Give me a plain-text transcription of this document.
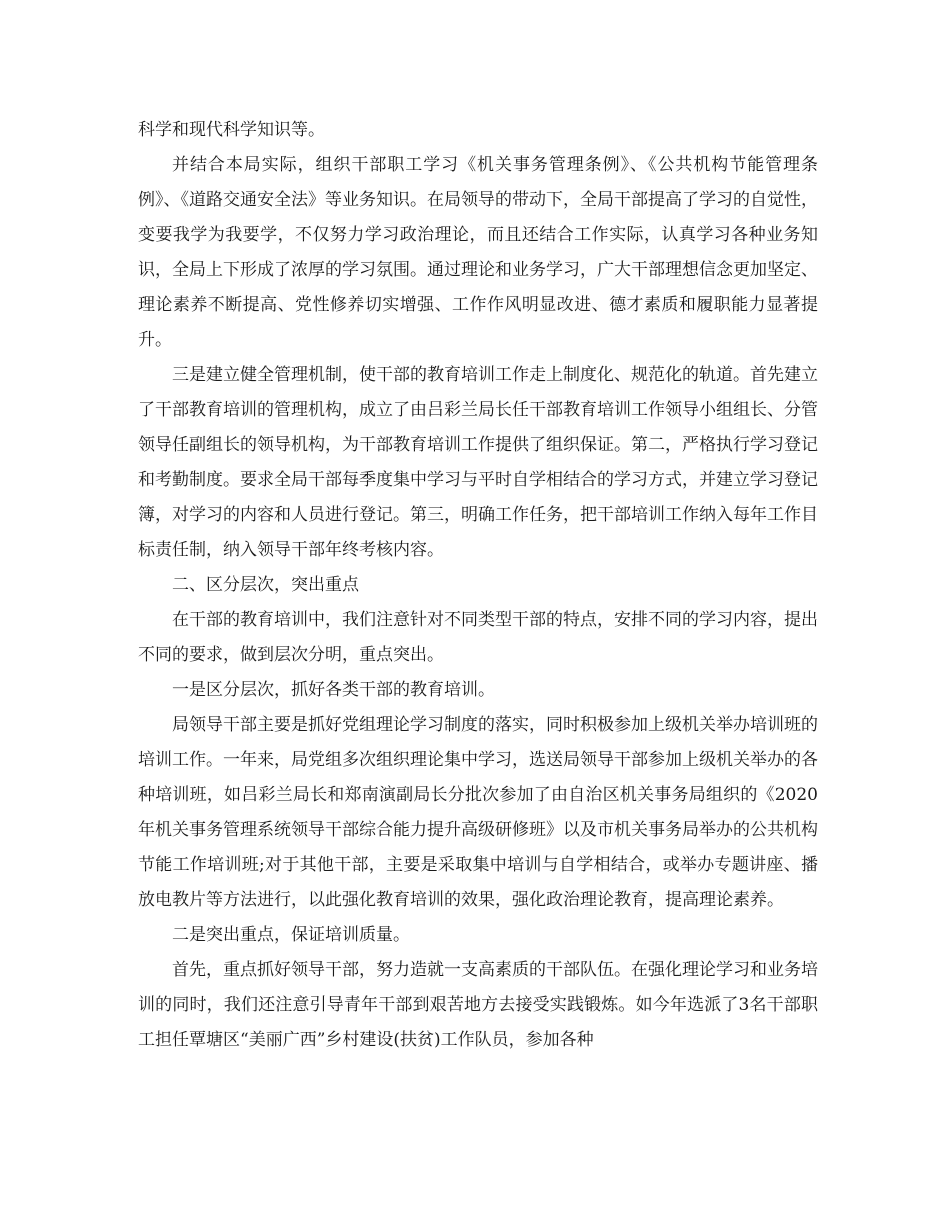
科学和现代科学知识等。

并结合本局实际，组织干部职工学习《机关事务管理条例》、《公共机构节能管理条例》、《道路交通安全法》等业务知识。在局领导的带动下，全局干部提高了学习的自觉性，变要我学为我要学，不仅努力学习政治理论，而且还结合工作实际，认真学习各种业务知识，全局上下形成了浓厚的学习氛围。通过理论和业务学习，广大干部理想信念更加坚定、理论素养不断提高、党性修养切实增强、工作作风明显改进、德才素质和履职能力显著提升。

三是建立健全管理机制，使干部的教育培训工作走上制度化、规范化的轨道。首先建立了干部教育培训的管理机构，成立了由吕彩兰局长任干部教育培训工作领导小组组长、分管领导任副组长的领导机构，为干部教育培训工作提供了组织保证。第二，严格执行学习登记和考勤制度。要求全局干部每季度集中学习与平时自学相结合的学习方式，并建立学习登记簿，对学习的内容和人员进行登记。第三，明确工作任务，把干部培训工作纳入每年工作目标责任制，纳入领导干部年终考核内容。

二、区分层次，突出重点

在干部的教育培训中，我们注意针对不同类型干部的特点，安排不同的学习内容，提出不同的要求，做到层次分明，重点突出。

一是区分层次，抓好各类干部的教育培训。

局领导干部主要是抓好党组理论学习制度的落实，同时积极参加上级机关举办培训班的培训工作。一年来，局党组多次组织理论集中学习，选送局领导干部参加上级机关举办的各种培训班，如吕彩兰局长和郑南演副局长分批次参加了由自治区机关事务局组织的《2020年机关事务管理系统领导干部综合能力提升高级研修班》以及市机关事务局举办的公共机构节能工作培训班;对于其他干部，主要是采取集中培训与自学相结合，或举办专题讲座、播放电教片等方法进行，以此强化教育培训的效果，强化政治理论教育，提高理论素养。

二是突出重点，保证培训质量。

首先，重点抓好领导干部，努力造就一支高素质的干部队伍。在强化理论学习和业务培训的同时，我们还注意引导青年干部到艰苦地方去接受实践锻炼。如今年选派了3名干部职工担任覃塘区“美丽广西”乡村建设(扶贫)工作队员，参加各种
